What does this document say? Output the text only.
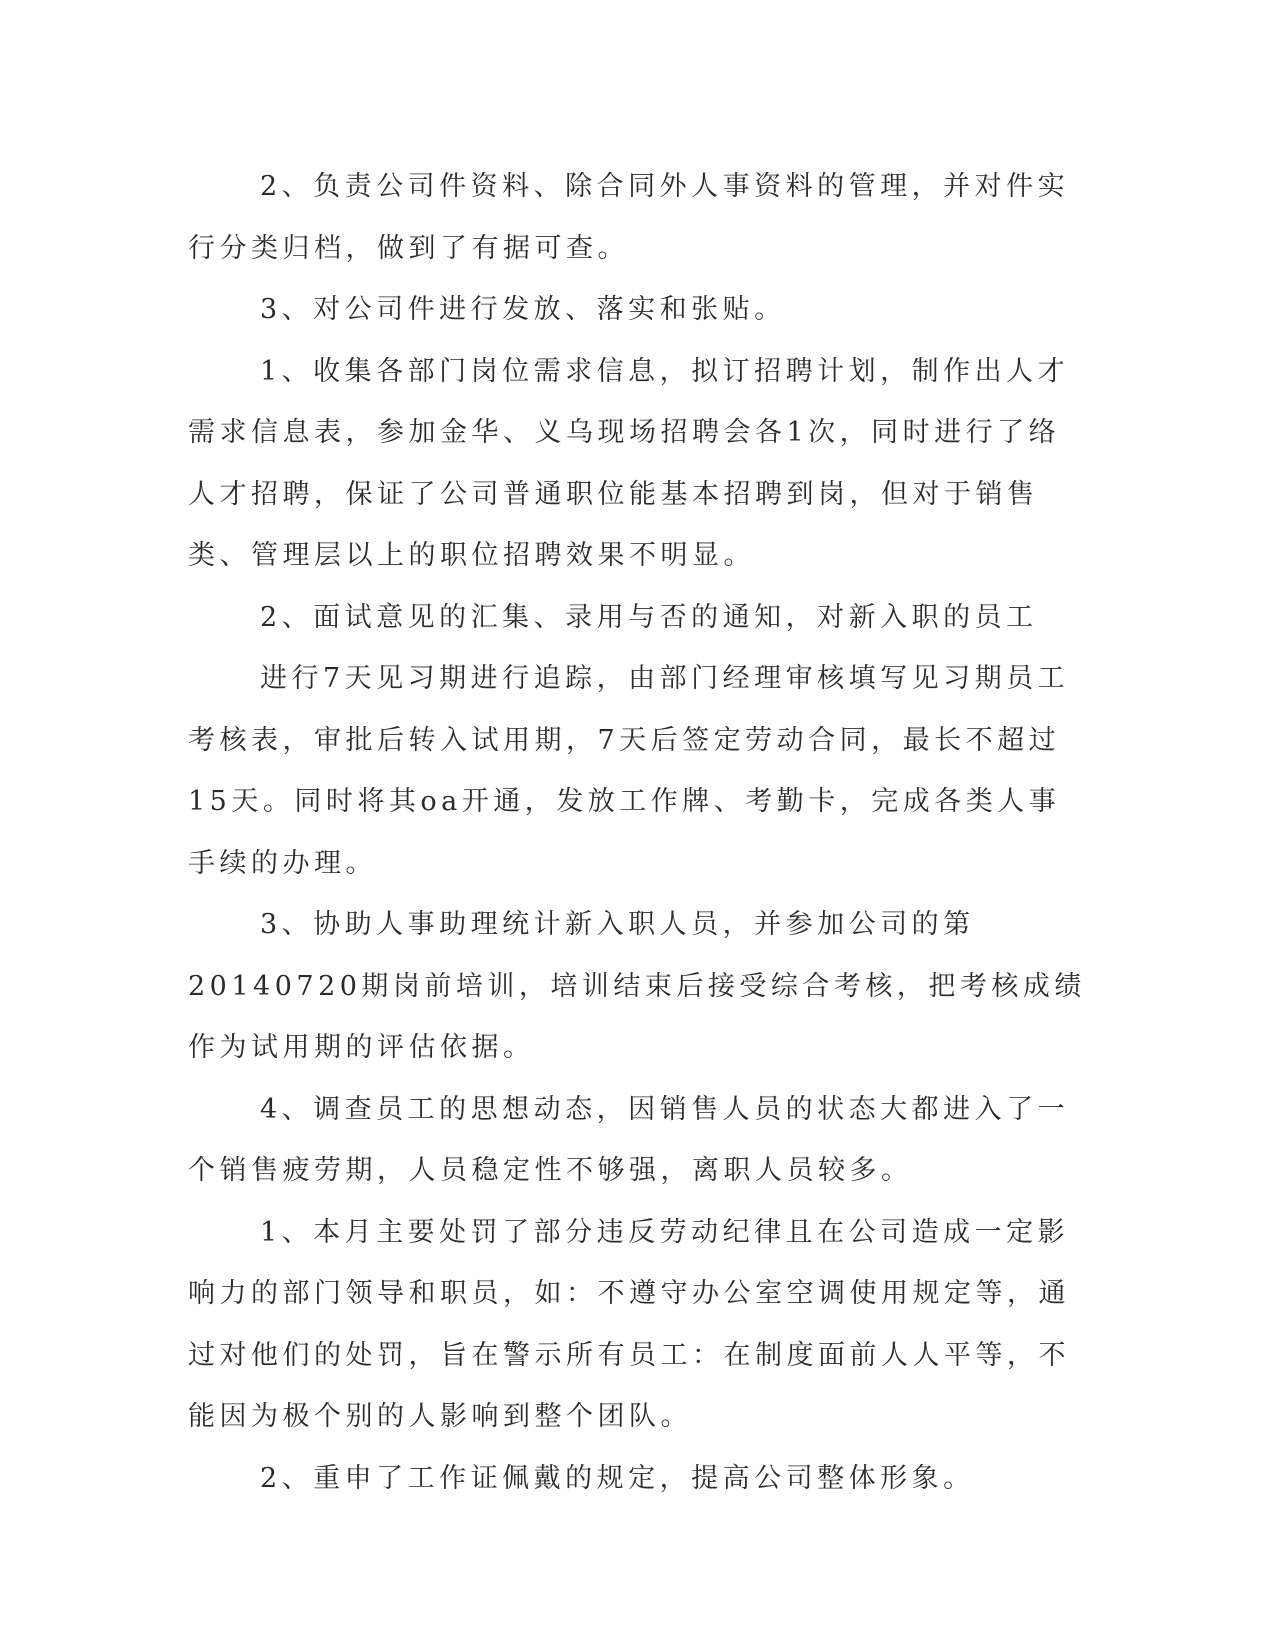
2、负责公司件资料、除合同外人事资料的管理，并对件实行分类归档，做到了有据可查。

3、对公司件进行发放、落实和张贴。

1、收集各部门岗位需求信息，拟订招聘计划，制作出人才需求信息表，参加金华、义乌现场招聘会各1次，同时进行了络人才招聘，保证了公司普通职位能基本招聘到岗，但对于销售类、管理层以上的职位招聘效果不明显。

2、面试意见的汇集、录用与否的通知，对新入职的员工

进行7天见习期进行追踪，由部门经理审核填写见习期员工考核表，审批后转入试用期，7天后签定劳动合同，最长不超过15天。同时将其oa开通，发放工作牌、考勤卡，完成各类人事手续的办理。

3、协助人事助理统计新入职人员，并参加公司的第20140720期岗前培训，培训结束后接受综合考核，把考核成绩作为试用期的评估依据。

4、调查员工的思想动态，因销售人员的状态大都进入了一个销售疲劳期，人员稳定性不够强，离职人员较多。

1、本月主要处罚了部分违反劳动纪律且在公司造成一定影响力的部门领导和职员，如：不遵守办公室空调使用规定等，通过对他们的处罚，旨在警示所有员工：在制度面前人人平等，不能因为极个别的人影响到整个团队。

2、重申了工作证佩戴的规定，提高公司整体形象。
